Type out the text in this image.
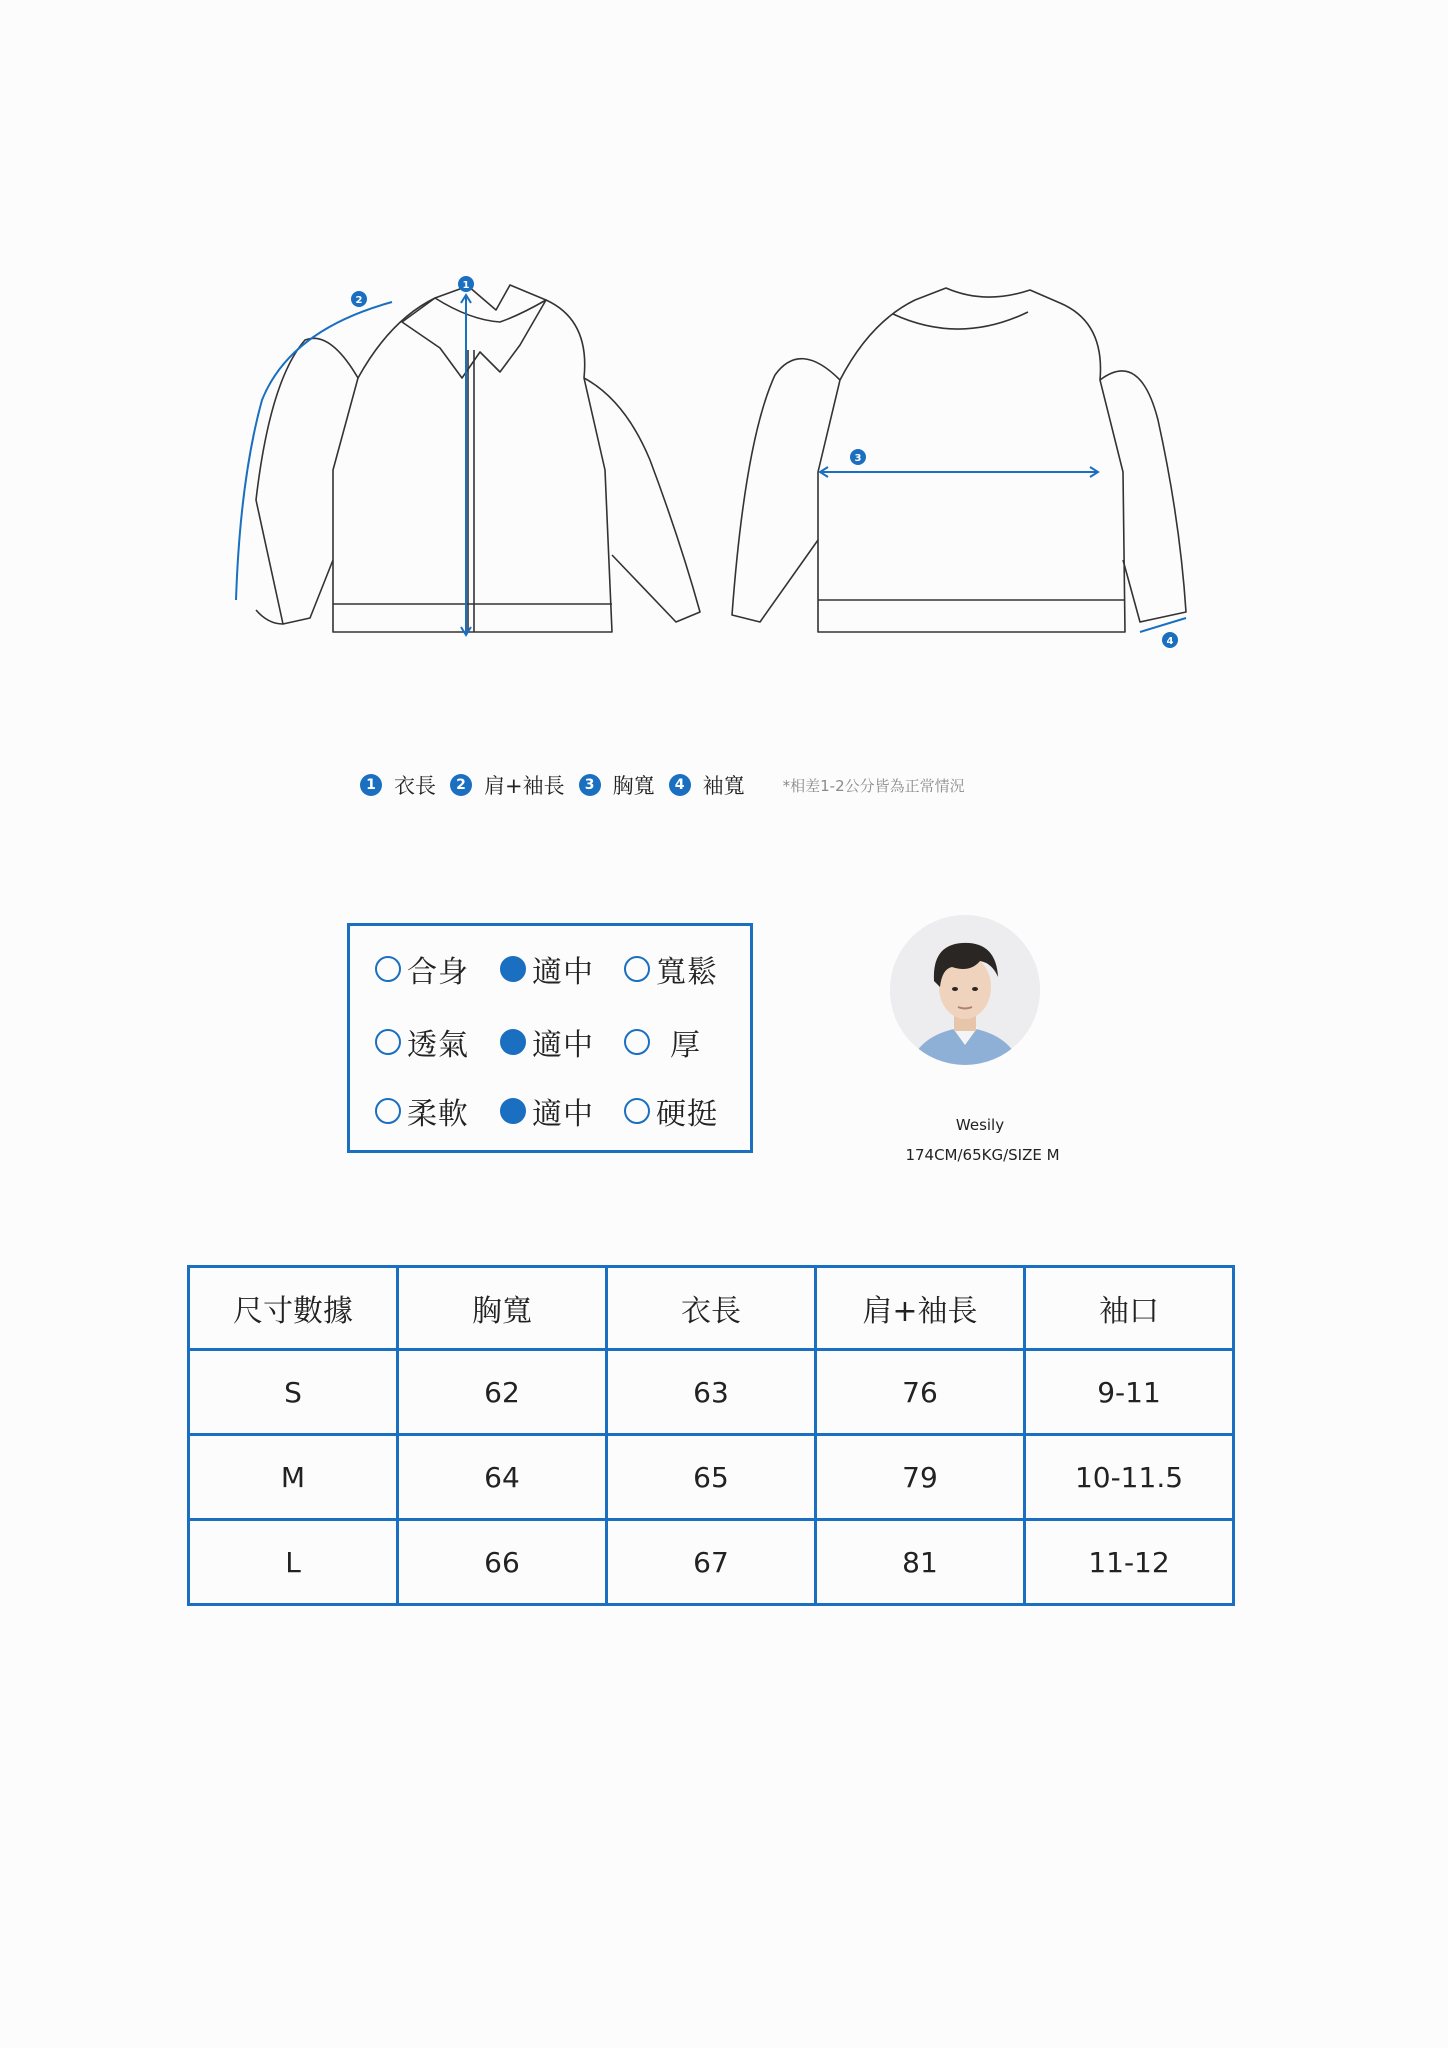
1
2
3
4
1 衣長	2 肩+袖長	3 胸寬	4 袖寬	*相差1-2公分皆為正常情況
合身 適中 寬鬆
透氣 適中	厚
柔軟 適中 硬挺	Wesily
174CM/65KG/SIZE M
尺寸數據	胸寬	衣長	肩+袖長	袖口
S	62	63	76	9-11
M	64	65	79	10-11.5
L	66	67	81	11-12
